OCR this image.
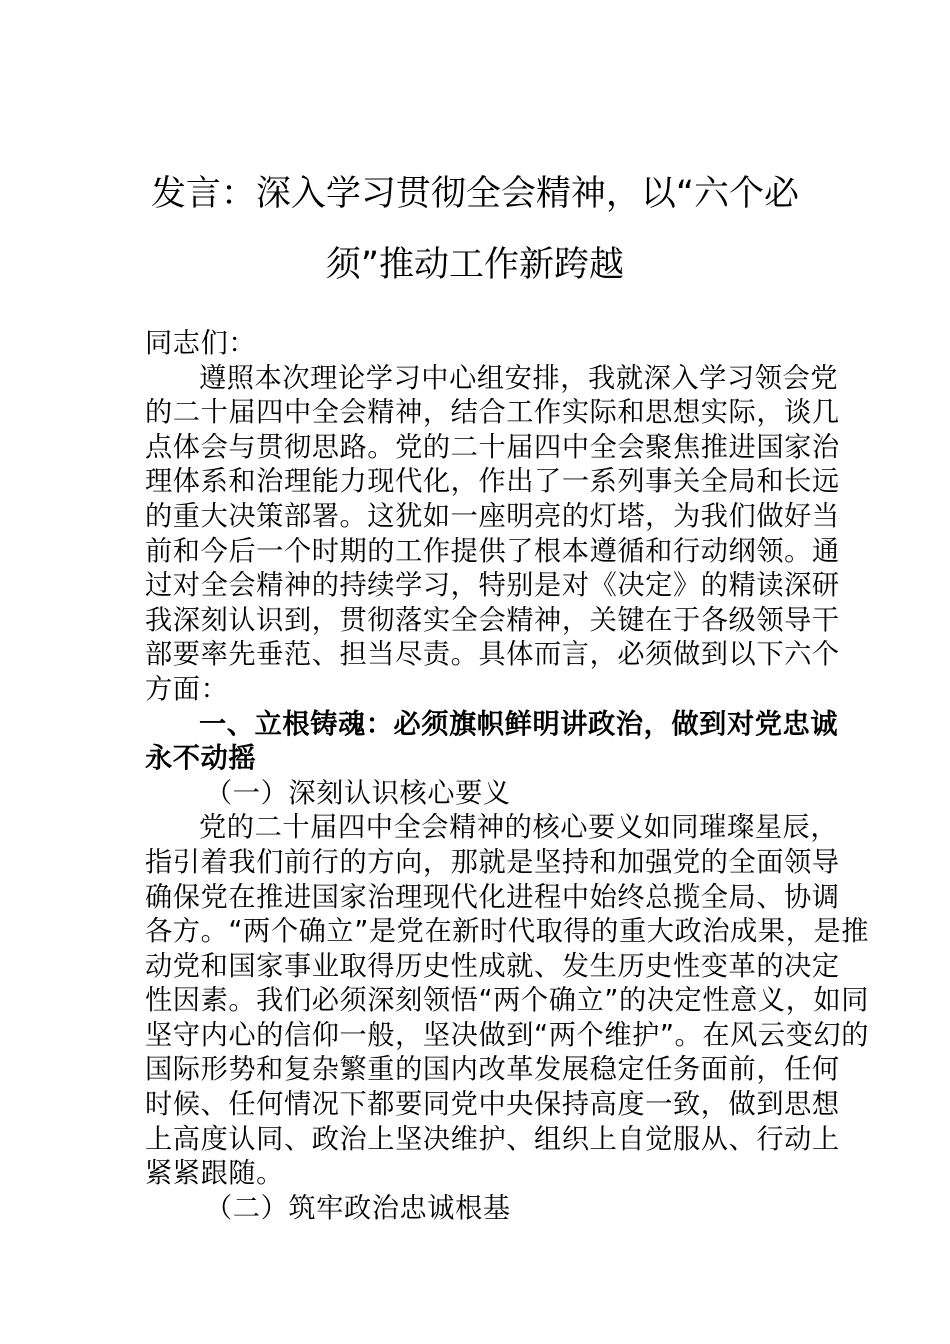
发言：深入学习贯彻全会精神，以“六个必
须”推动工作新跨越
同志们：
遵照本次理论学习中心组安排，我就深入学习领会党
的二十届四中全会精神，结合工作实际和思想实际，谈几
点体会与贯彻思路。党的二十届四中全会聚焦推进国家治
理体系和治理能力现代化，作出了一系列事关全局和长远
的重大决策部署。这犹如一座明亮的灯塔，为我们做好当
前和今后一个时期的工作提供了根本遵循和行动纲领。通
过对全会精神的持续学习，特别是对《决定》的精读深研
我深刻认识到，贯彻落实全会精神，关键在于各级领导干
部要率先垂范、担当尽责。具体而言，必须做到以下六个
方面：
一、立根铸魂：必须旗帜鲜明讲政治，做到对党忠诚
永不动摇
（一）深刻认识核心要义
党的二十届四中全会精神的核心要义如同璀璨星辰，
指引着我们前行的方向，那就是坚持和加强党的全面领导
确保党在推进国家治理现代化进程中始终总揽全局、协调
各方。“两个确立”是党在新时代取得的重大政治成果，是推
动党和国家事业取得历史性成就、发生历史性变革的决定
性因素。我们必须深刻领悟“两个确立”的决定性意义，如同
坚守内心的信仰一般，坚决做到“两个维护”。在风云变幻的
国际形势和复杂繁重的国内改革发展稳定任务面前，任何
时候、任何情况下都要同党中央保持高度一致，做到思想
上高度认同、政治上坚决维护、组织上自觉服从、行动上
紧紧跟随。
（二）筑牢政治忠诚根基
